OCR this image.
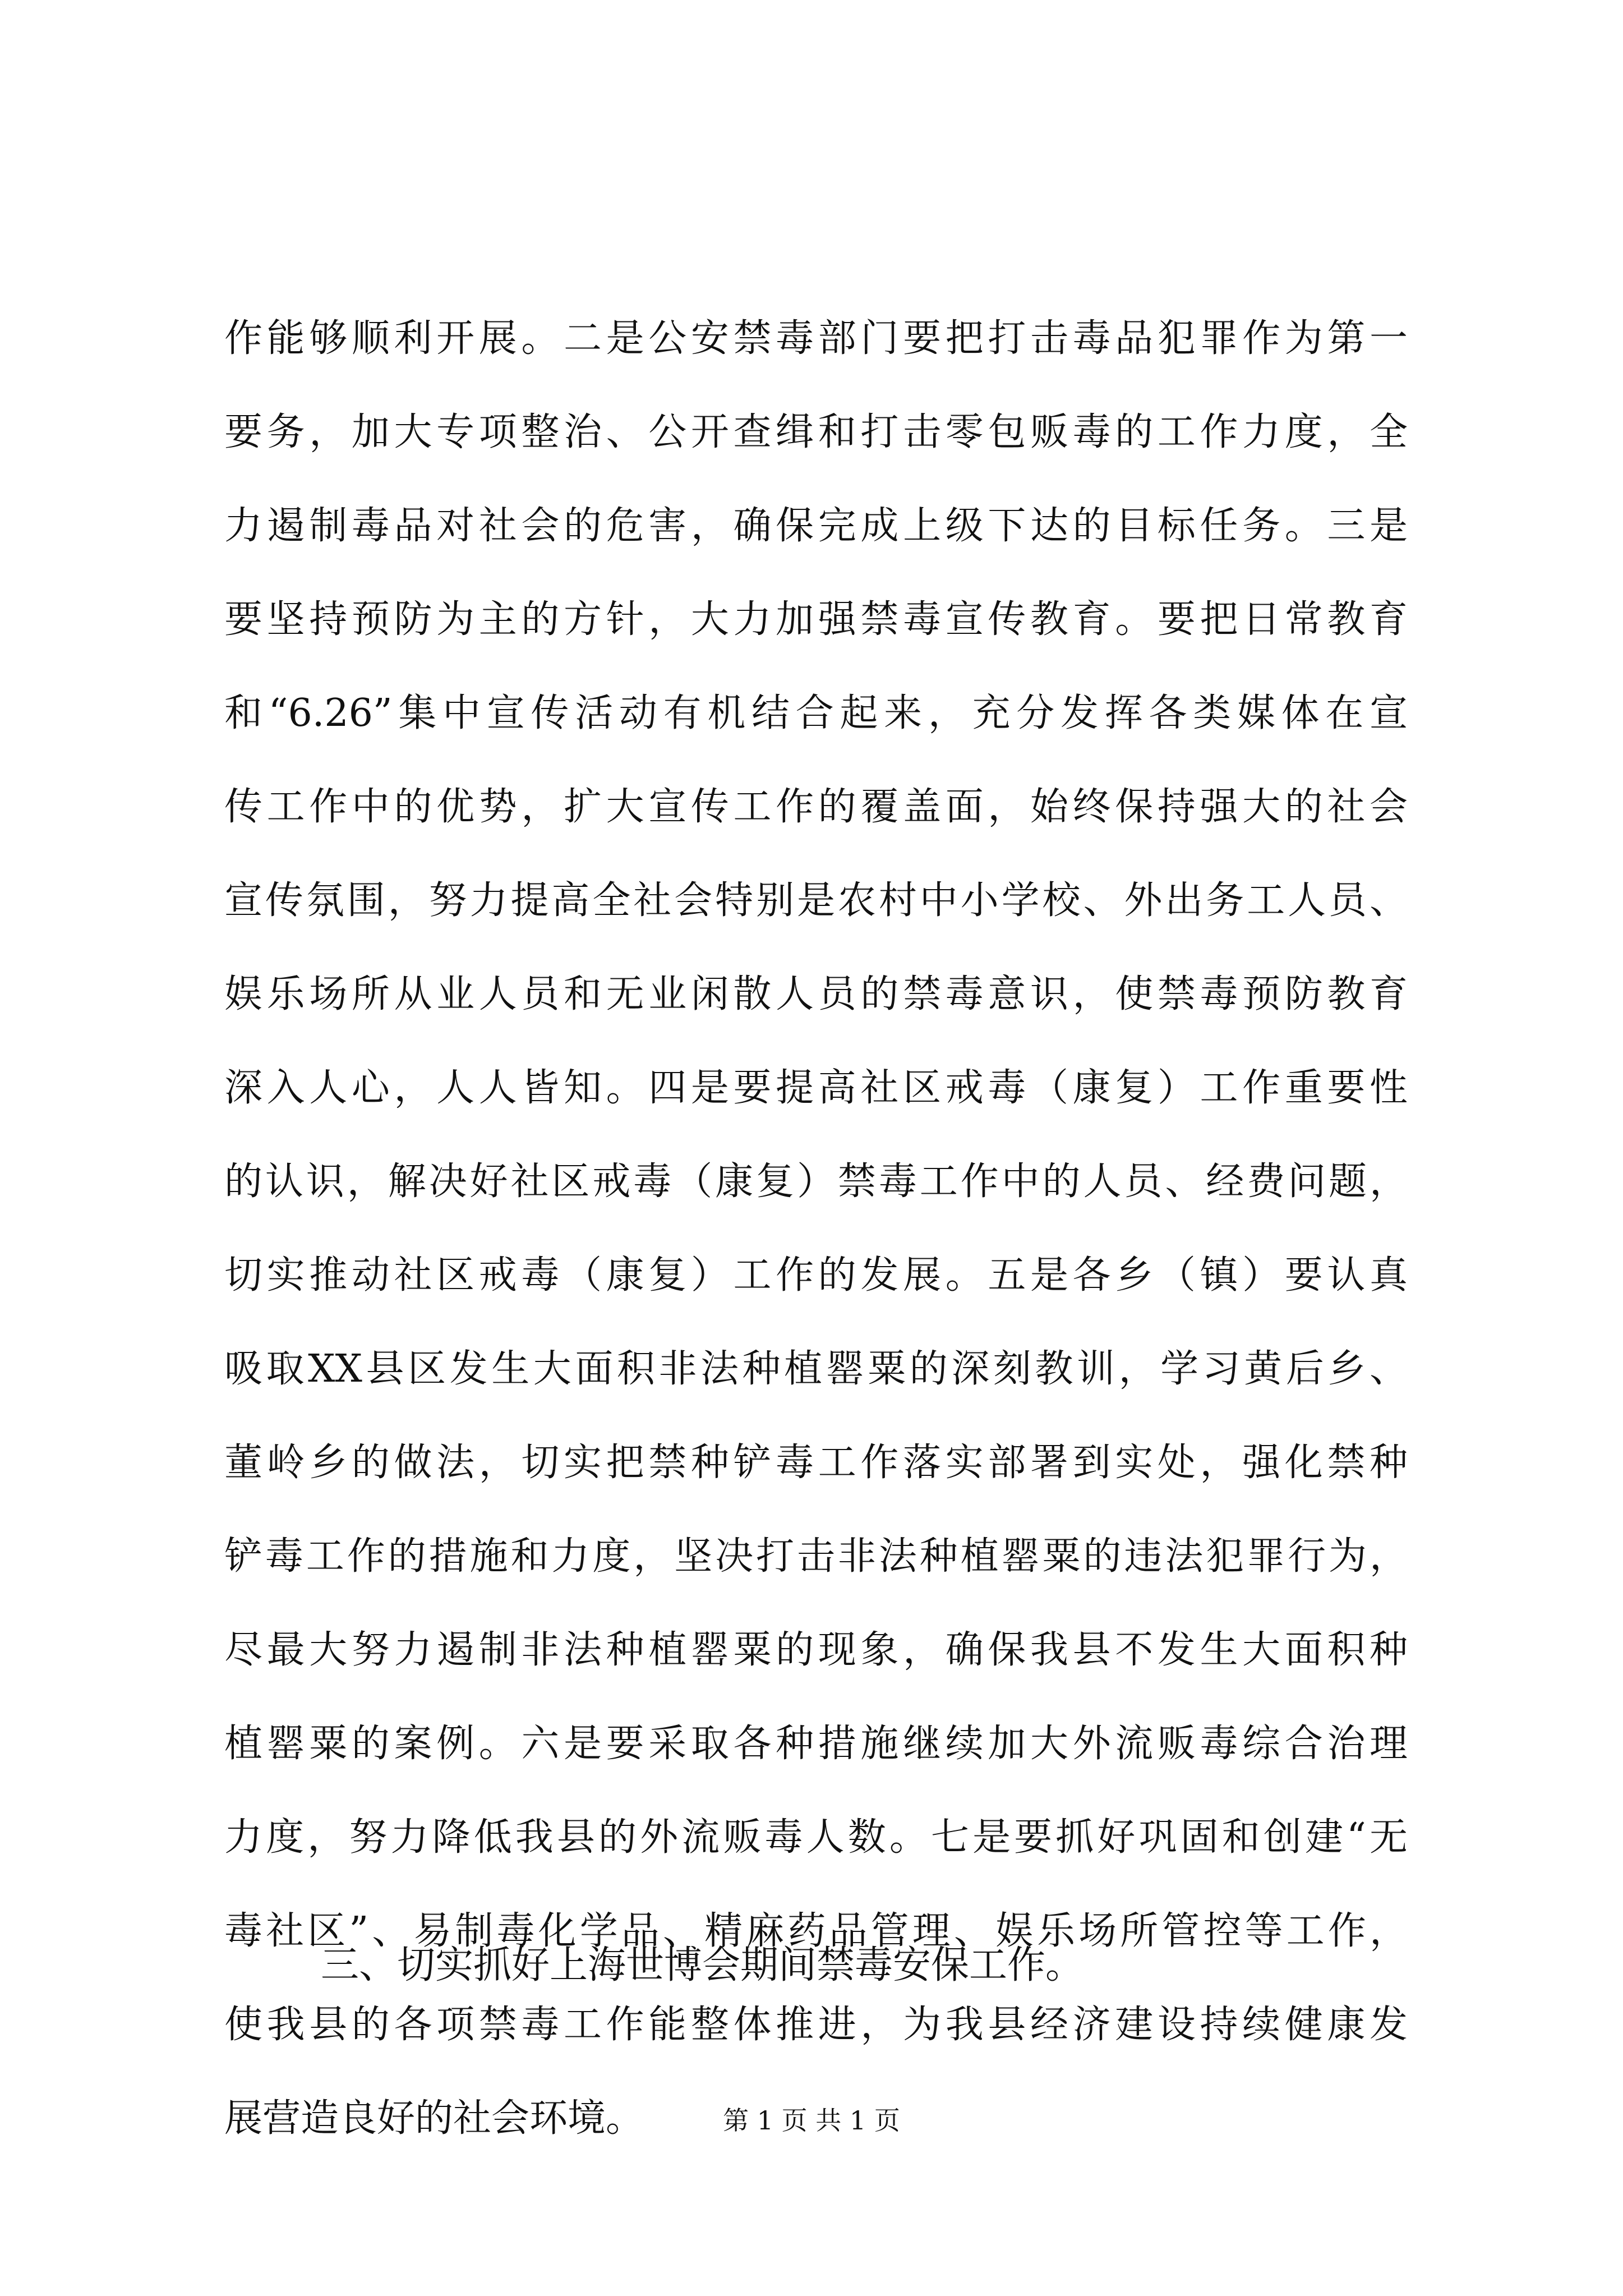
作能够顺利开展。二是公安禁毒部门要把打击毒品犯罪作为第一
要务，加大专项整治、公开查缉和打击零包贩毒的工作力度，全
力遏制毒品对社会的危害，确保完成上级下达的目标任务。三是
要坚持预防为主的方针，大力加强禁毒宣传教育。要把日常教育
和“6.26”集中宣传活动有机结合起来，充分发挥各类媒体在宣
传工作中的优势，扩大宣传工作的覆盖面，始终保持强大的社会
宣传氛围，努力提高全社会特别是农村中小学校、外出务工人员、
娱乐场所从业人员和无业闲散人员的禁毒意识，使禁毒预防教育
深入人心，人人皆知。四是要提高社区戒毒（康复）工作重要性
的认识，解决好社区戒毒（康复）禁毒工作中的人员、经费问题，
切实推动社区戒毒（康复）工作的发展。五是各乡（镇）要认真
吸取XX县区发生大面积非法种植罂粟的深刻教训，学习黄后乡、
董岭乡的做法，切实把禁种铲毒工作落实部署到实处，强化禁种
铲毒工作的措施和力度，坚决打击非法种植罂粟的违法犯罪行为，
尽最大努力遏制非法种植罂粟的现象，确保我县不发生大面积种
植罂粟的案例。六是要采取各种措施继续加大外流贩毒综合治理
力度，努力降低我县的外流贩毒人数。七是要抓好巩固和创建“无
毒社区”、易制毒化学品、精麻药品管理、娱乐场所管控等工作，
使我县的各项禁毒工作能整体推进，为我县经济建设持续健康发
展营造良好的社会环境。
三、切实抓好上海世博会期间禁毒安保工作。
第 1 页 共 1 页
